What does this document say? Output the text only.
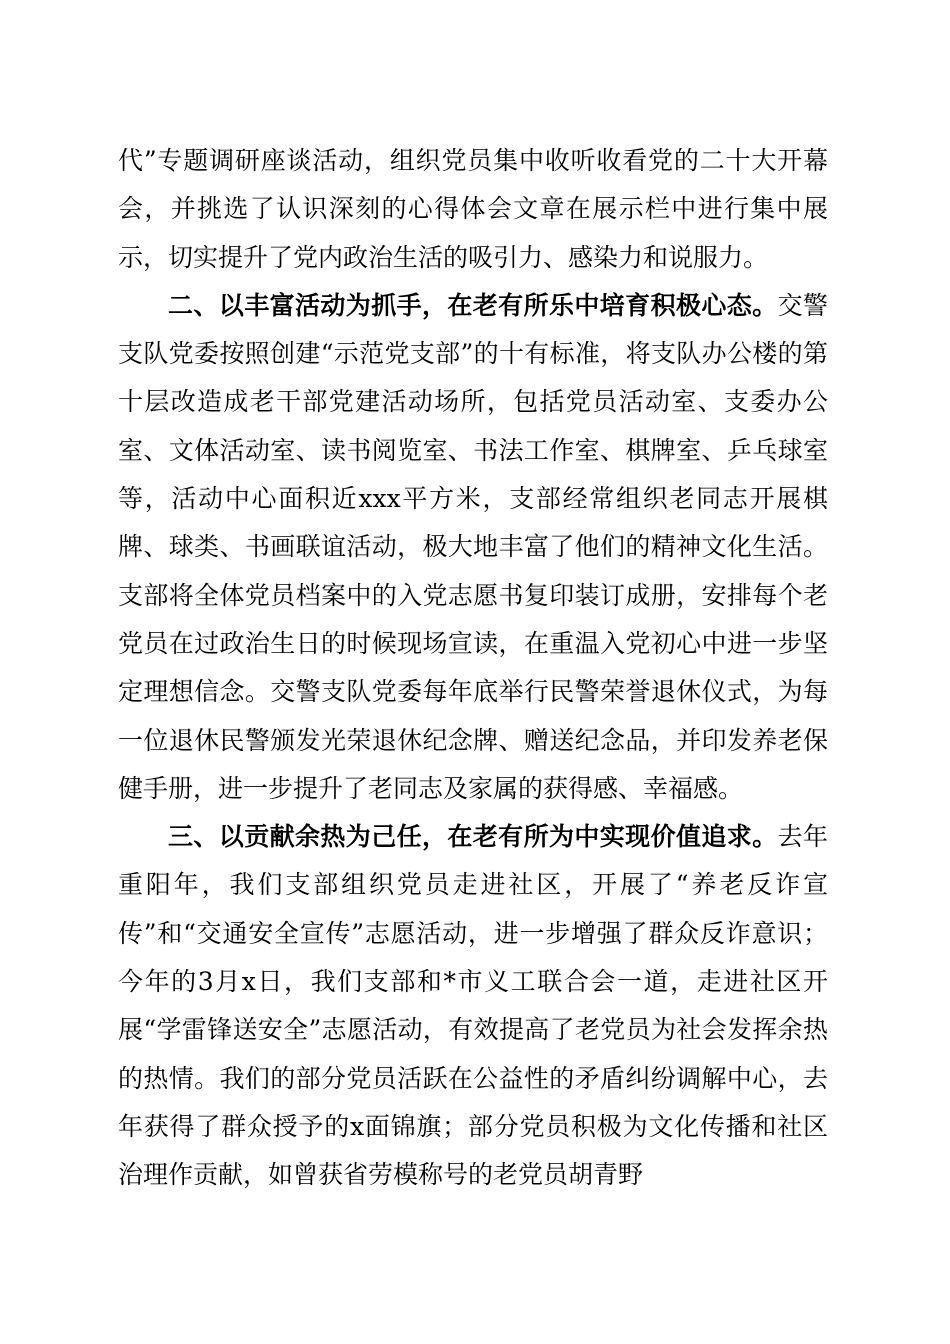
代”专题调研座谈活动，组织党员集中收听收看党的二十大开幕会，并挑选了认识深刻的心得体会文章在展示栏中进行集中展示，切实提升了党内政治生活的吸引力、感染力和说服力。

二、以丰富活动为抓手，在老有所乐中培育积极心态。交警支队党委按照创建“示范党支部”的十有标准，将支队办公楼的第十层改造成老干部党建活动场所，包括党员活动室、支委办公室、文体活动室、读书阅览室、书法工作室、棋牌室、乒乓球室等，活动中心面积近xxx平方米，支部经常组织老同志开展棋牌、球类、书画联谊活动，极大地丰富了他们的精神文化生活。支部将全体党员档案中的入党志愿书复印装订成册，安排每个老党员在过政治生日的时候现场宣读，在重温入党初心中进一步坚定理想信念。交警支队党委每年底举行民警荣誉退休仪式，为每一位退休民警颁发光荣退休纪念牌、赠送纪念品，并印发养老保健手册，进一步提升了老同志及家属的获得感、幸福感。

三、以贡献余热为己任，在老有所为中实现价值追求。去年重阳年，我们支部组织党员走进社区，开展了“养老反诈宣传”和“交通安全宣传”志愿活动，进一步增强了群众反诈意识；今年的3月x日，我们支部和*市义工联合会一道，走进社区开展“学雷锋送安全”志愿活动，有效提高了老党员为社会发挥余热的热情。我们的部分党员活跃在公益性的矛盾纠纷调解中心，去年获得了群众授予的x面锦旗；部分党员积极为文化传播和社区治理作贡献，如曾获省劳模称号的老党员胡青野
